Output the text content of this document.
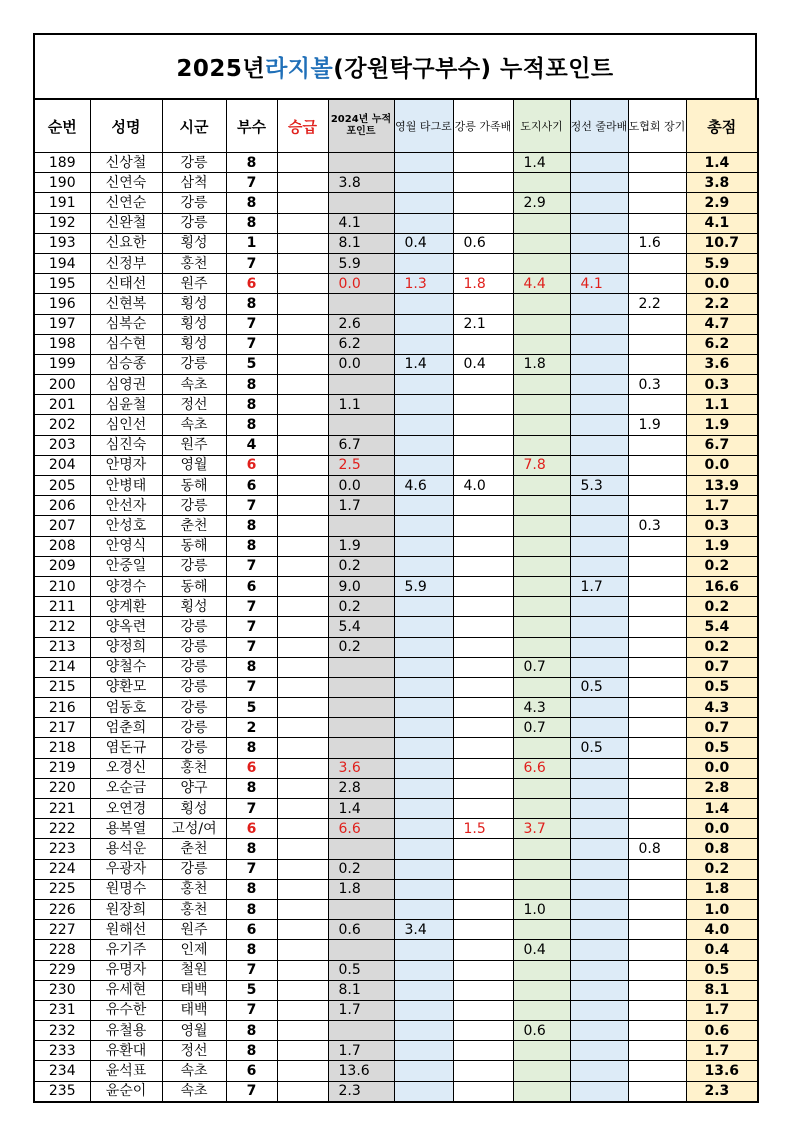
2025년 라지볼 (강원탁구부수) 누적포인트
순번	성명	시군	부수	승급	2024년 누적포인트	영월 타그로	강릉 가족배	도지사기	정선 줄라배	도협회 장기	총점
189	신상철	강릉	8					1.4			1.4
190	신연숙	삼척	7		3.8						3.8
191	신연순	강릉	8					2.9			2.9
192	신완철	강릉	8		4.1						4.1
193	신요한	횡성	1		8.1	0.4	0.6			1.6	10.7
194	신정부	홍천	7		5.9						5.9
195	신태선	원주	6		0.0	1.3	1.8	4.4	4.1		0.0
196	신현복	횡성	8							2.2	2.2
197	심복순	횡성	7		2.6		2.1				4.7
198	심수현	횡성	7		6.2						6.2
199	심승종	강릉	5		0.0	1.4	0.4	1.8			3.6
200	심영권	속초	8							0.3	0.3
201	심윤철	정선	8		1.1						1.1
202	심인선	속초	8							1.9	1.9
203	심진숙	원주	4		6.7						6.7
204	안명자	영월	6		2.5			7.8			0.0
205	안병태	동해	6		0.0	4.6	4.0		5.3		13.9
206	안선자	강릉	7		1.7						1.7
207	안성호	춘천	8							0.3	0.3
208	안영식	동해	8		1.9						1.9
209	안중일	강릉	7		0.2						0.2
210	양경수	동해	6		9.0	5.9			1.7		16.6
211	양계환	횡성	7		0.2						0.2
212	양옥련	강릉	7		5.4						5.4
213	양정희	강릉	7		0.2						0.2
214	양철수	강릉	8					0.7			0.7
215	양환모	강릉	7						0.5		0.5
216	엄동호	강릉	5					4.3			4.3
217	엄춘희	강릉	2					0.7			0.7
218	염돈규	강릉	8						0.5		0.5
219	오경신	홍천	6		3.6			6.6			0.0
220	오순금	양구	8		2.8						2.8
221	오연경	횡성	7		1.4						1.4
222	용복열	고성/여	6		6.6		1.5	3.7			0.0
223	용석운	춘천	8							0.8	0.8
224	우광자	강릉	7		0.2						0.2
225	원명수	홍천	8		1.8						1.8
226	원장희	홍천	8					1.0			1.0
227	원해선	원주	6		0.6	3.4					4.0
228	유기주	인제	8					0.4			0.4
229	유명자	철원	7		0.5						0.5
230	유세현	태백	5		8.1						8.1
231	유수한	태백	7		1.7						1.7
232	유철용	영월	8					0.6			0.6
233	유환대	정선	8		1.7						1.7
234	윤석표	속초	6		13.6						13.6
235	윤순이	속초	7		2.3						2.3
